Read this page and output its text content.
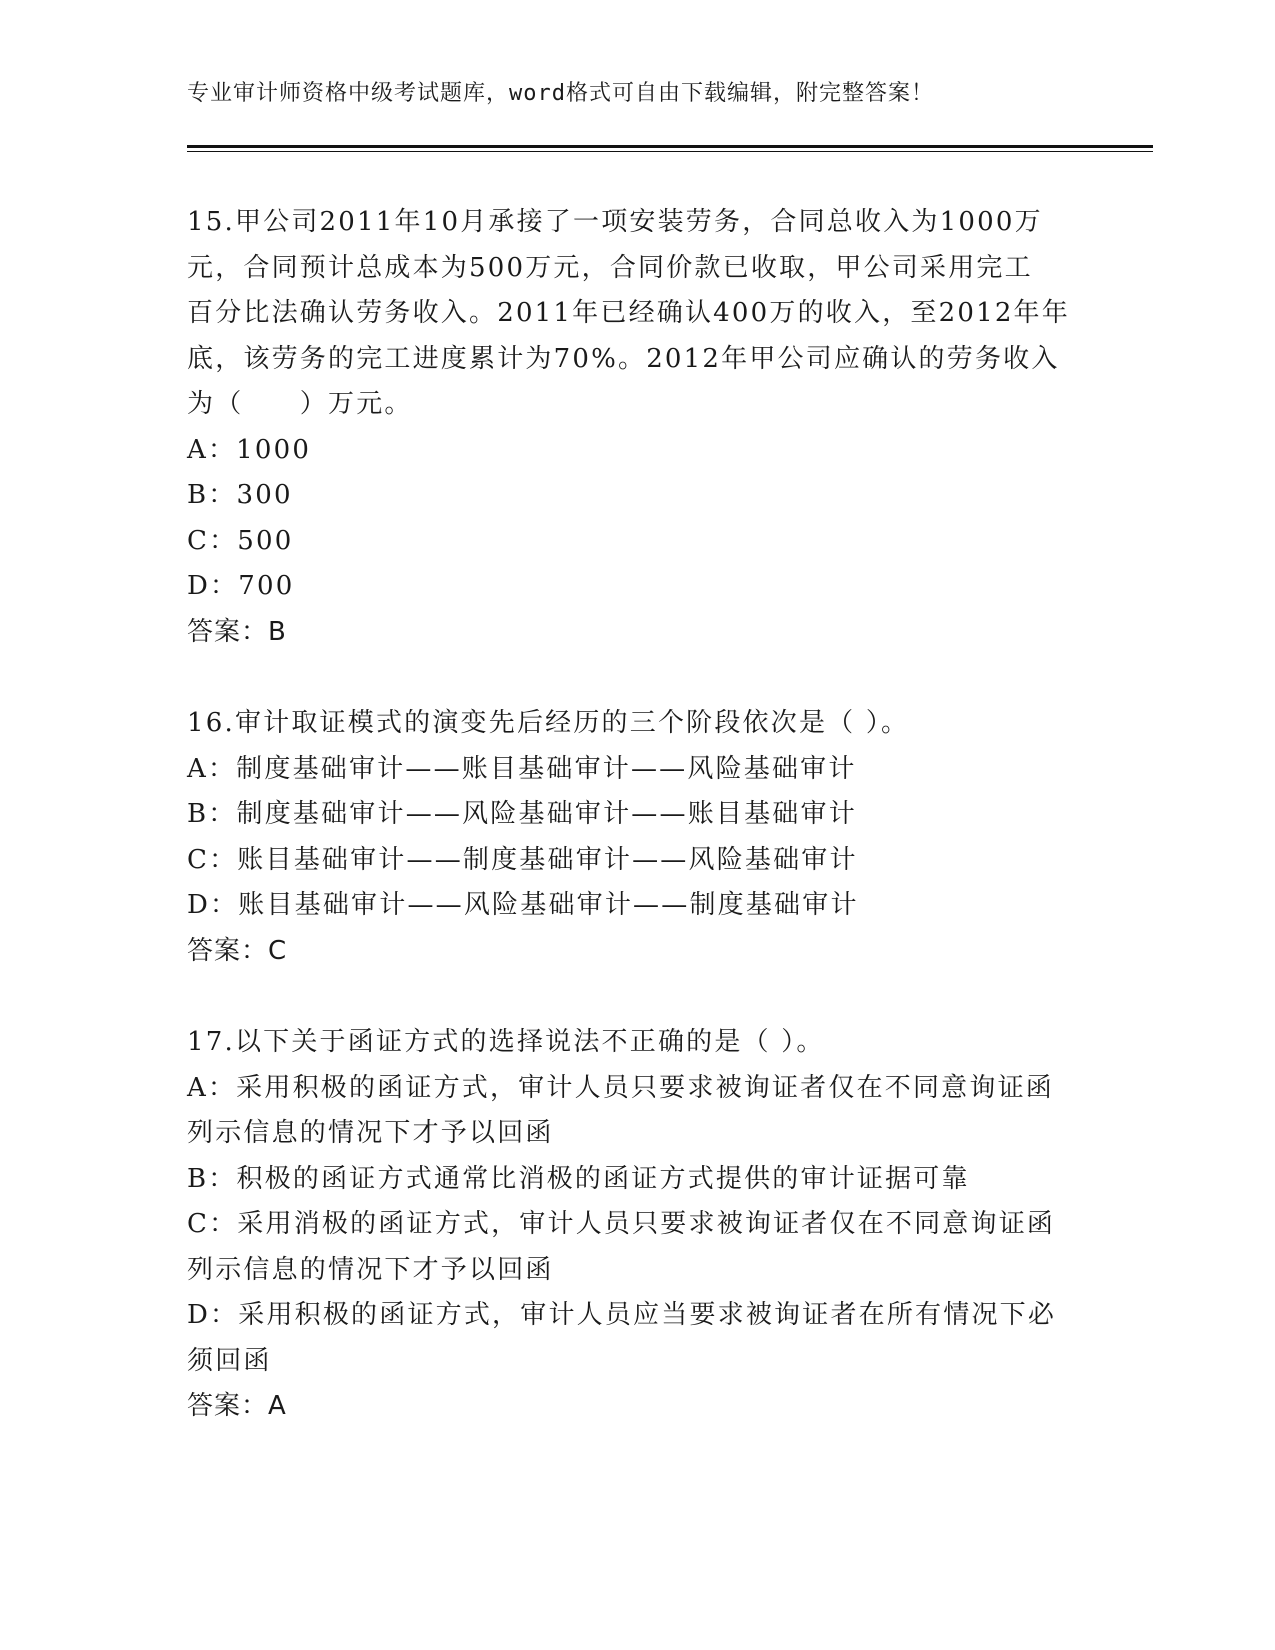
专业审计师资格中级考试题库，word格式可自由下载编辑，附完整答案！
15.甲公司2011年10月承接了一项安装劳务，合同总收入为1000万
元，合同预计总成本为500万元，合同价款已收取，甲公司采用完工
百分比法确认劳务收入。2011年已经确认400万的收入，至2012年年
底，该劳务的完工进度累计为70%。2012年甲公司应确认的劳务收入
为（　　）万元。
A：1000
B：300
C：500
D：700
答案：B
16.审计取证模式的演变先后经历的三个阶段依次是（ ）。
A：制度基础审计——账目基础审计——风险基础审计
B：制度基础审计——风险基础审计——账目基础审计
C：账目基础审计——制度基础审计——风险基础审计
D：账目基础审计——风险基础审计——制度基础审计
答案：C
17.以下关于函证方式的选择说法不正确的是（ ）。
A：采用积极的函证方式，审计人员只要求被询证者仅在不同意询证函
列示信息的情况下才予以回函
B：积极的函证方式通常比消极的函证方式提供的审计证据可靠
C：采用消极的函证方式，审计人员只要求被询证者仅在不同意询证函
列示信息的情况下才予以回函
D：采用积极的函证方式，审计人员应当要求被询证者在所有情况下必
须回函
答案：A
